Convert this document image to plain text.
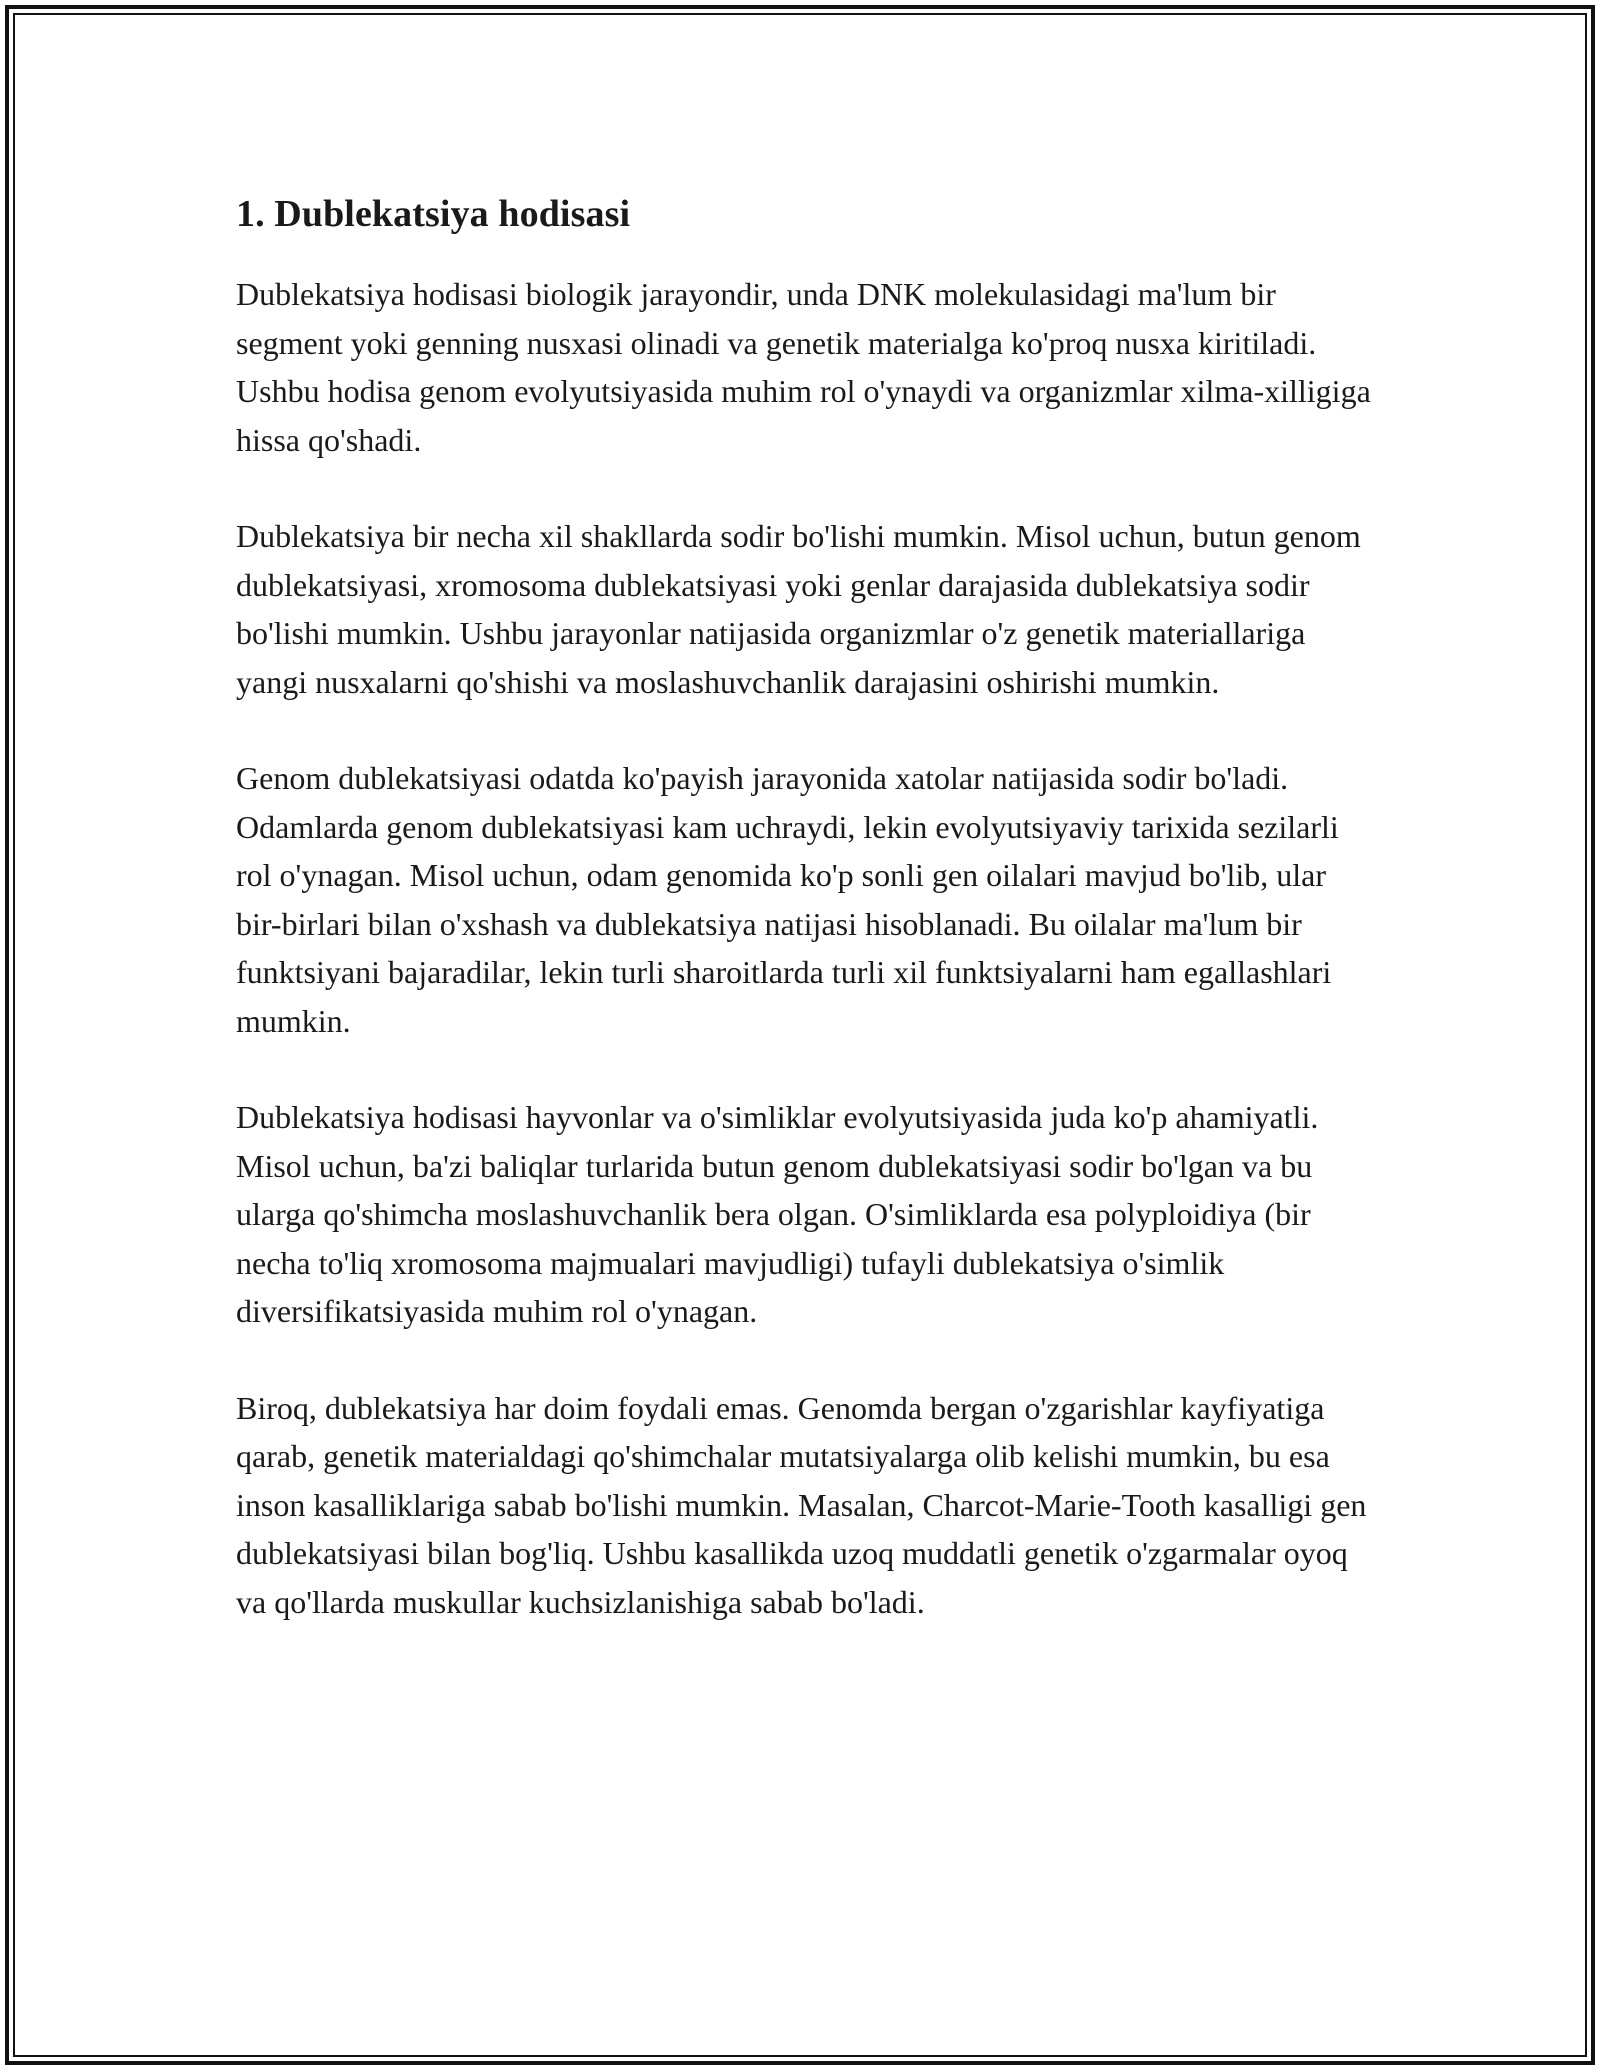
1. Dublekatsiya hodisasi

Dublekatsiya hodisasi biologik jarayondir, unda DNK molekulasidagi ma'lum bir segment yoki genning nusxasi olinadi va genetik materialga ko'proq nusxa kiritiladi. Ushbu hodisa genom evolyutsiyasida muhim rol o'ynaydi va organizmlar xilma-xilligiga hissa qo'shadi.

Dublekatsiya bir necha xil shakllarda sodir bo'lishi mumkin. Misol uchun, butun genom dublekatsiyasi, xromosoma dublekatsiyasi yoki genlar darajasida dublekatsiya sodir bo'lishi mumkin. Ushbu jarayonlar natijasida organizmlar o'z genetik materiallariga yangi nusxalarni qo'shishi va moslashuvchanlik darajasini oshirishi mumkin.

Genom dublekatsiyasi odatda ko'payish jarayonida xatolar natijasida sodir bo'ladi. Odamlarda genom dublekatsiyasi kam uchraydi, lekin evolyutsiyaviy tarixida sezilarli rol o'ynagan. Misol uchun, odam genomida ko'p sonli gen oilalari mavjud bo'lib, ular bir-birlari bilan o'xshash va dublekatsiya natijasi hisoblanadi. Bu oilalar ma'lum bir funktsiyani bajaradilar, lekin turli sharoitlarda turli xil funktsiyalarni ham egallashlari mumkin.

Dublekatsiya hodisasi hayvonlar va o'simliklar evolyutsiyasida juda ko'p ahamiyatli. Misol uchun, ba'zi baliqlar turlarida butun genom dublekatsiyasi sodir bo'lgan va bu ularga qo'shimcha moslashuvchanlik bera olgan. O'simliklarda esa polyploidiya (bir necha to'liq xromosoma majmualari mavjudligi) tufayli dublekatsiya o'simlik diversifikatsiyasida muhim rol o'ynagan.

Biroq, dublekatsiya har doim foydali emas. Genomda bergan o'zgarishlar kayfiyatiga qarab, genetik materialdagi qo'shimchalar mutatsiyalarga olib kelishi mumkin, bu esa inson kasalliklariga sabab bo'lishi mumkin. Masalan, Charcot-Marie-Tooth kasalligi gen dublekatsiyasi bilan bog'liq. Ushbu kasallikda uzoq muddatli genetik o'zgarmalar oyoq va qo'llarda muskullar kuchsizlanishiga sabab bo'ladi.
